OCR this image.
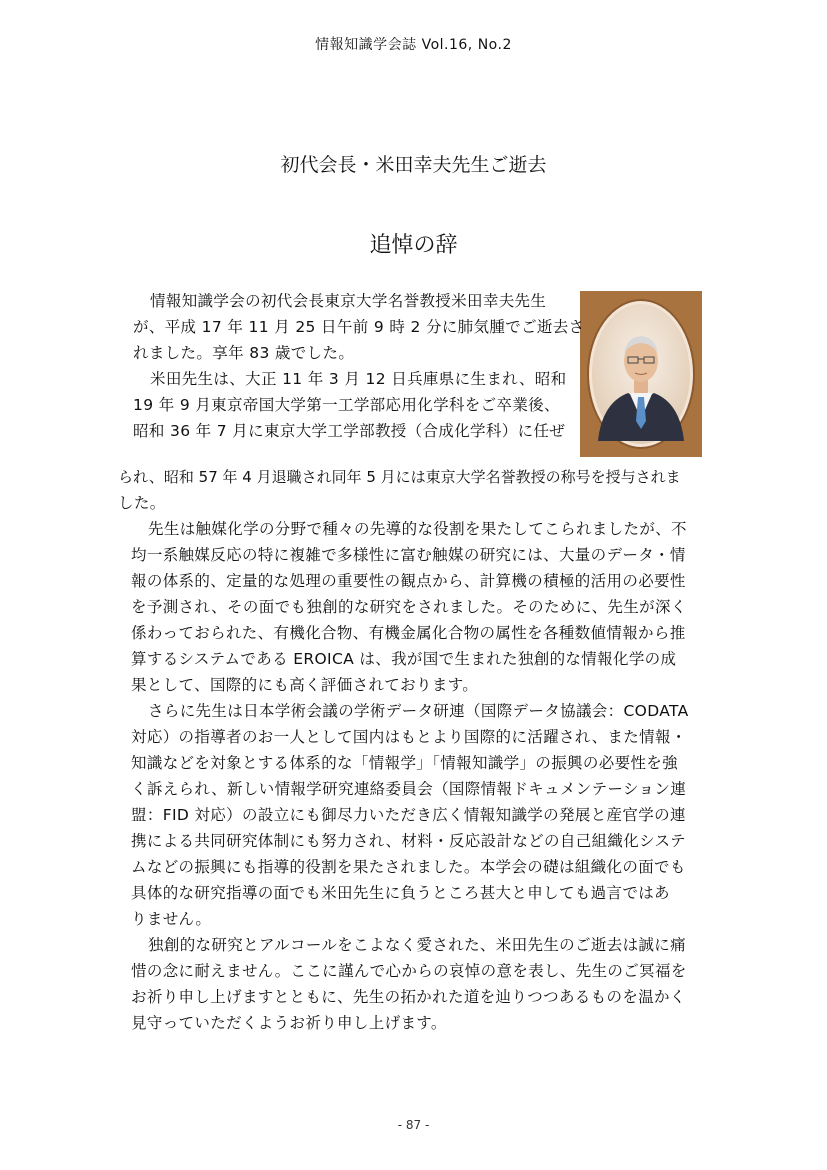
情報知識学会誌 Vol.16, No.2
初代会長・米田幸夫先生ご逝去
追悼の辞
情報知識学会の初代会長東京大学名誉教授米田幸夫先生
が、平成 17 年 11 月 25 日午前 9 時 2 分に肺気腫でご逝去さ
れました。享年 83 歳でした。
米田先生は、大正 11 年 3 月 12 日兵庫県に生まれ、昭和
19 年 9 月東京帝国大学第一工学部応用化学科をご卒業後、
昭和 36 年 7 月に東京大学工学部教授（合成化学科）に任ぜ
られ、昭和 57 年 4 月退職され同年 5 月には東京大学名誉教授の称号を授与されま
した。
先生は触媒化学の分野で種々の先導的な役割を果たしてこられましたが、不
均一系触媒反応の特に複雑で多様性に富む触媒の研究には、大量のデータ・情
報の体系的、定量的な処理の重要性の観点から、計算機の積極的活用の必要性
を予測され、その面でも独創的な研究をされました。そのために、先生が深く
係わっておられた、有機化合物、有機金属化合物の属性を各種数値情報から推
算するシステムである EROICA は、我が国で生まれた独創的な情報化学の成
果として、国際的にも高く評価されております。
さらに先生は日本学術会議の学術データ研連（国際データ協議会：CODATA
対応）の指導者のお一人として国内はもとより国際的に活躍され、また情報・
知識などを対象とする体系的な「情報学」「情報知識学」の振興の必要性を強
く訴えられ、新しい情報学研究連絡委員会（国際情報ドキュメンテーション連
盟：FID 対応）の設立にも御尽力いただき広く情報知識学の発展と産官学の連
携による共同研究体制にも努力され、材料・反応設計などの自己組織化システ
ムなどの振興にも指導的役割を果たされました。本学会の礎は組織化の面でも
具体的な研究指導の面でも米田先生に負うところ甚大と申しても過言ではあ
りません。
独創的な研究とアルコールをこよなく愛された、米田先生のご逝去は誠に痛
惜の念に耐えません。ここに謹んで心からの哀悼の意を表し、先生のご冥福を
お祈り申し上げますとともに、先生の拓かれた道を辿りつつあるものを温かく
見守っていただくようお祈り申し上げます。
- 87 -
